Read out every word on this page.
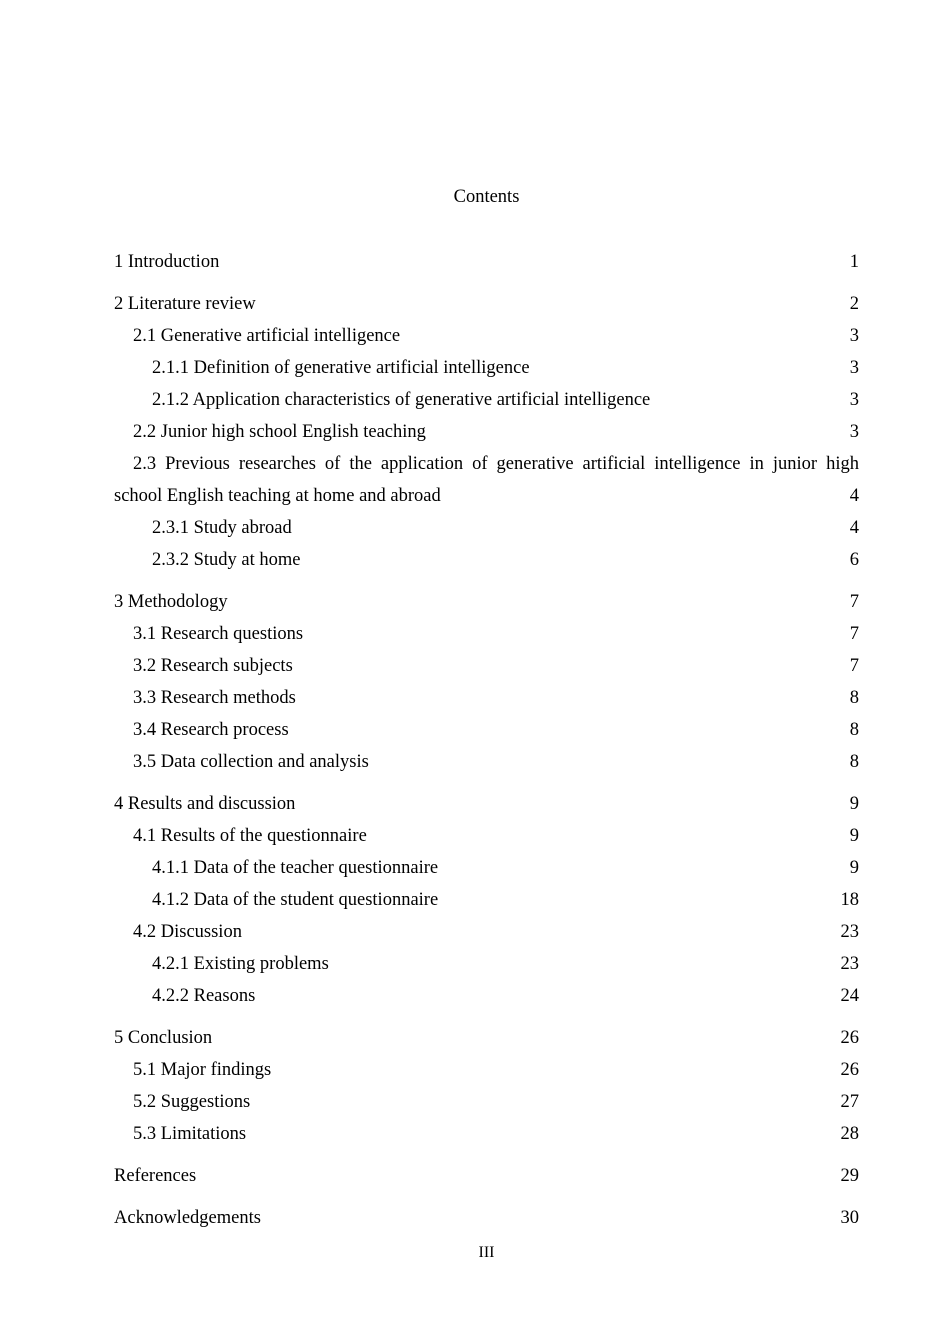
Contents
1 Introduction	1
2 Literature review	2
2.1 Generative artificial intelligence	3
2.1.1 Definition of generative artificial intelligence	3
2.1.2 Application characteristics of generative artificial intelligence	3
2.2 Junior high school English teaching	3
2.3 Previous researches of the application of generative artificial intelligence in junior high
school English teaching at home and abroad	4
2.3.1 Study abroad	4
2.3.2 Study at home	6
3 Methodology	7
3.1 Research questions	7
3.2 Research subjects	7
3.3 Research methods	8
3.4 Research process	8
3.5 Data collection and analysis	8
4 Results and discussion	9
4.1 Results of the questionnaire	9
4.1.1 Data of the teacher questionnaire	9
4.1.2 Data of the student questionnaire	18
4.2 Discussion	23
4.2.1 Existing problems	23
4.2.2 Reasons	24
5 Conclusion	26
5.1 Major findings	26
5.2 Suggestions	27
5.3 Limitations	28
References	29
Acknowledgements	30
III
